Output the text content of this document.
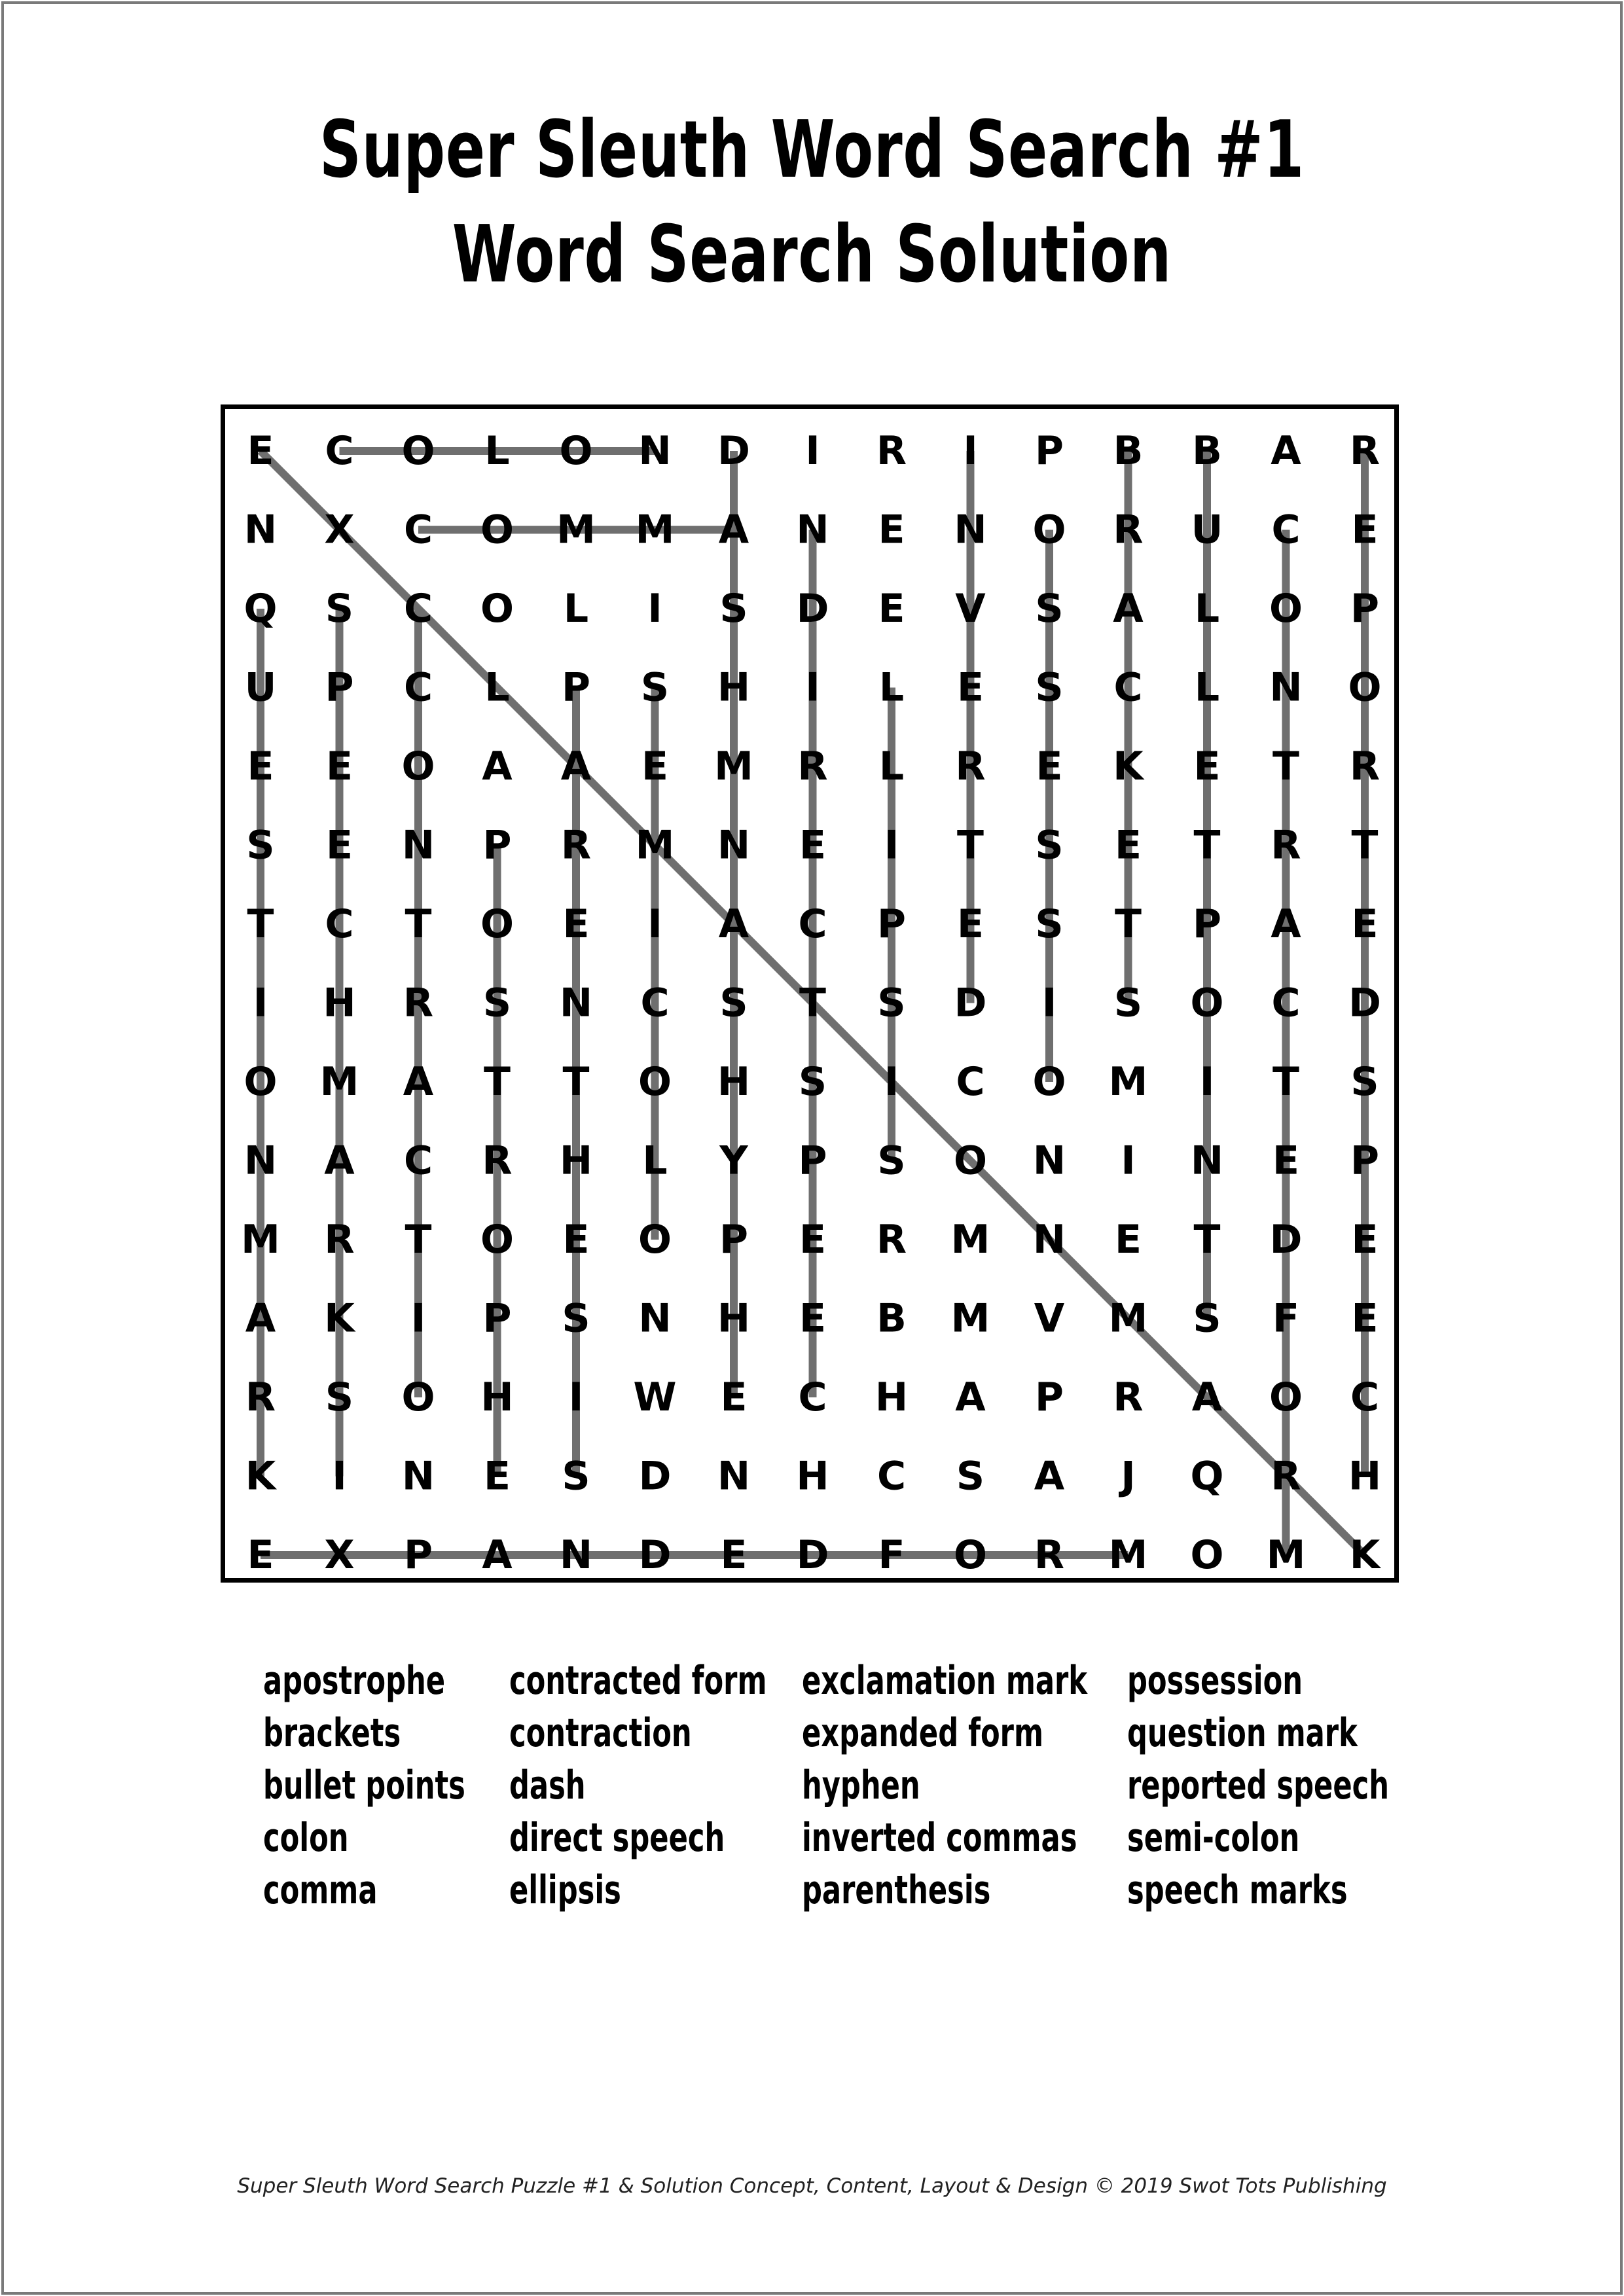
Super Sleuth Word Search #1
Word Search Solution
E C O L O N D I R I P B B A R
N X C O M M A N E N O R U C E
Q S C O L I S D E V S A L O P
U P C L P S H I L E S C L N O
E E O A A E M R L R E K E T R
S E N P R M N E I T S E T R T
T C T O E I A C P E S T P A E
I H R S N C S T S D I S O C D
O M A T T O H S I C O M I T S
N A C R H L Y P S O N I N E P
M R T O E O P E R M N E T D E
A K I P S N H E B M V M S F E
R S O H I W E C H A P R A O C
K I N E S D N H C S A J Q R H
E X P A N D E D F O R M O M K
apostrophe
brackets
bullet points
colon
comma
contracted form
contraction
dash
direct speech
ellipsis
exclamation mark
expanded form
hyphen
inverted commas
parenthesis
possession
question mark
reported speech
semi-colon
speech marks
Super Sleuth Word Search Puzzle #1 & Solution Concept, Content, Layout & Design © 2019 Swot Tots Publishing
